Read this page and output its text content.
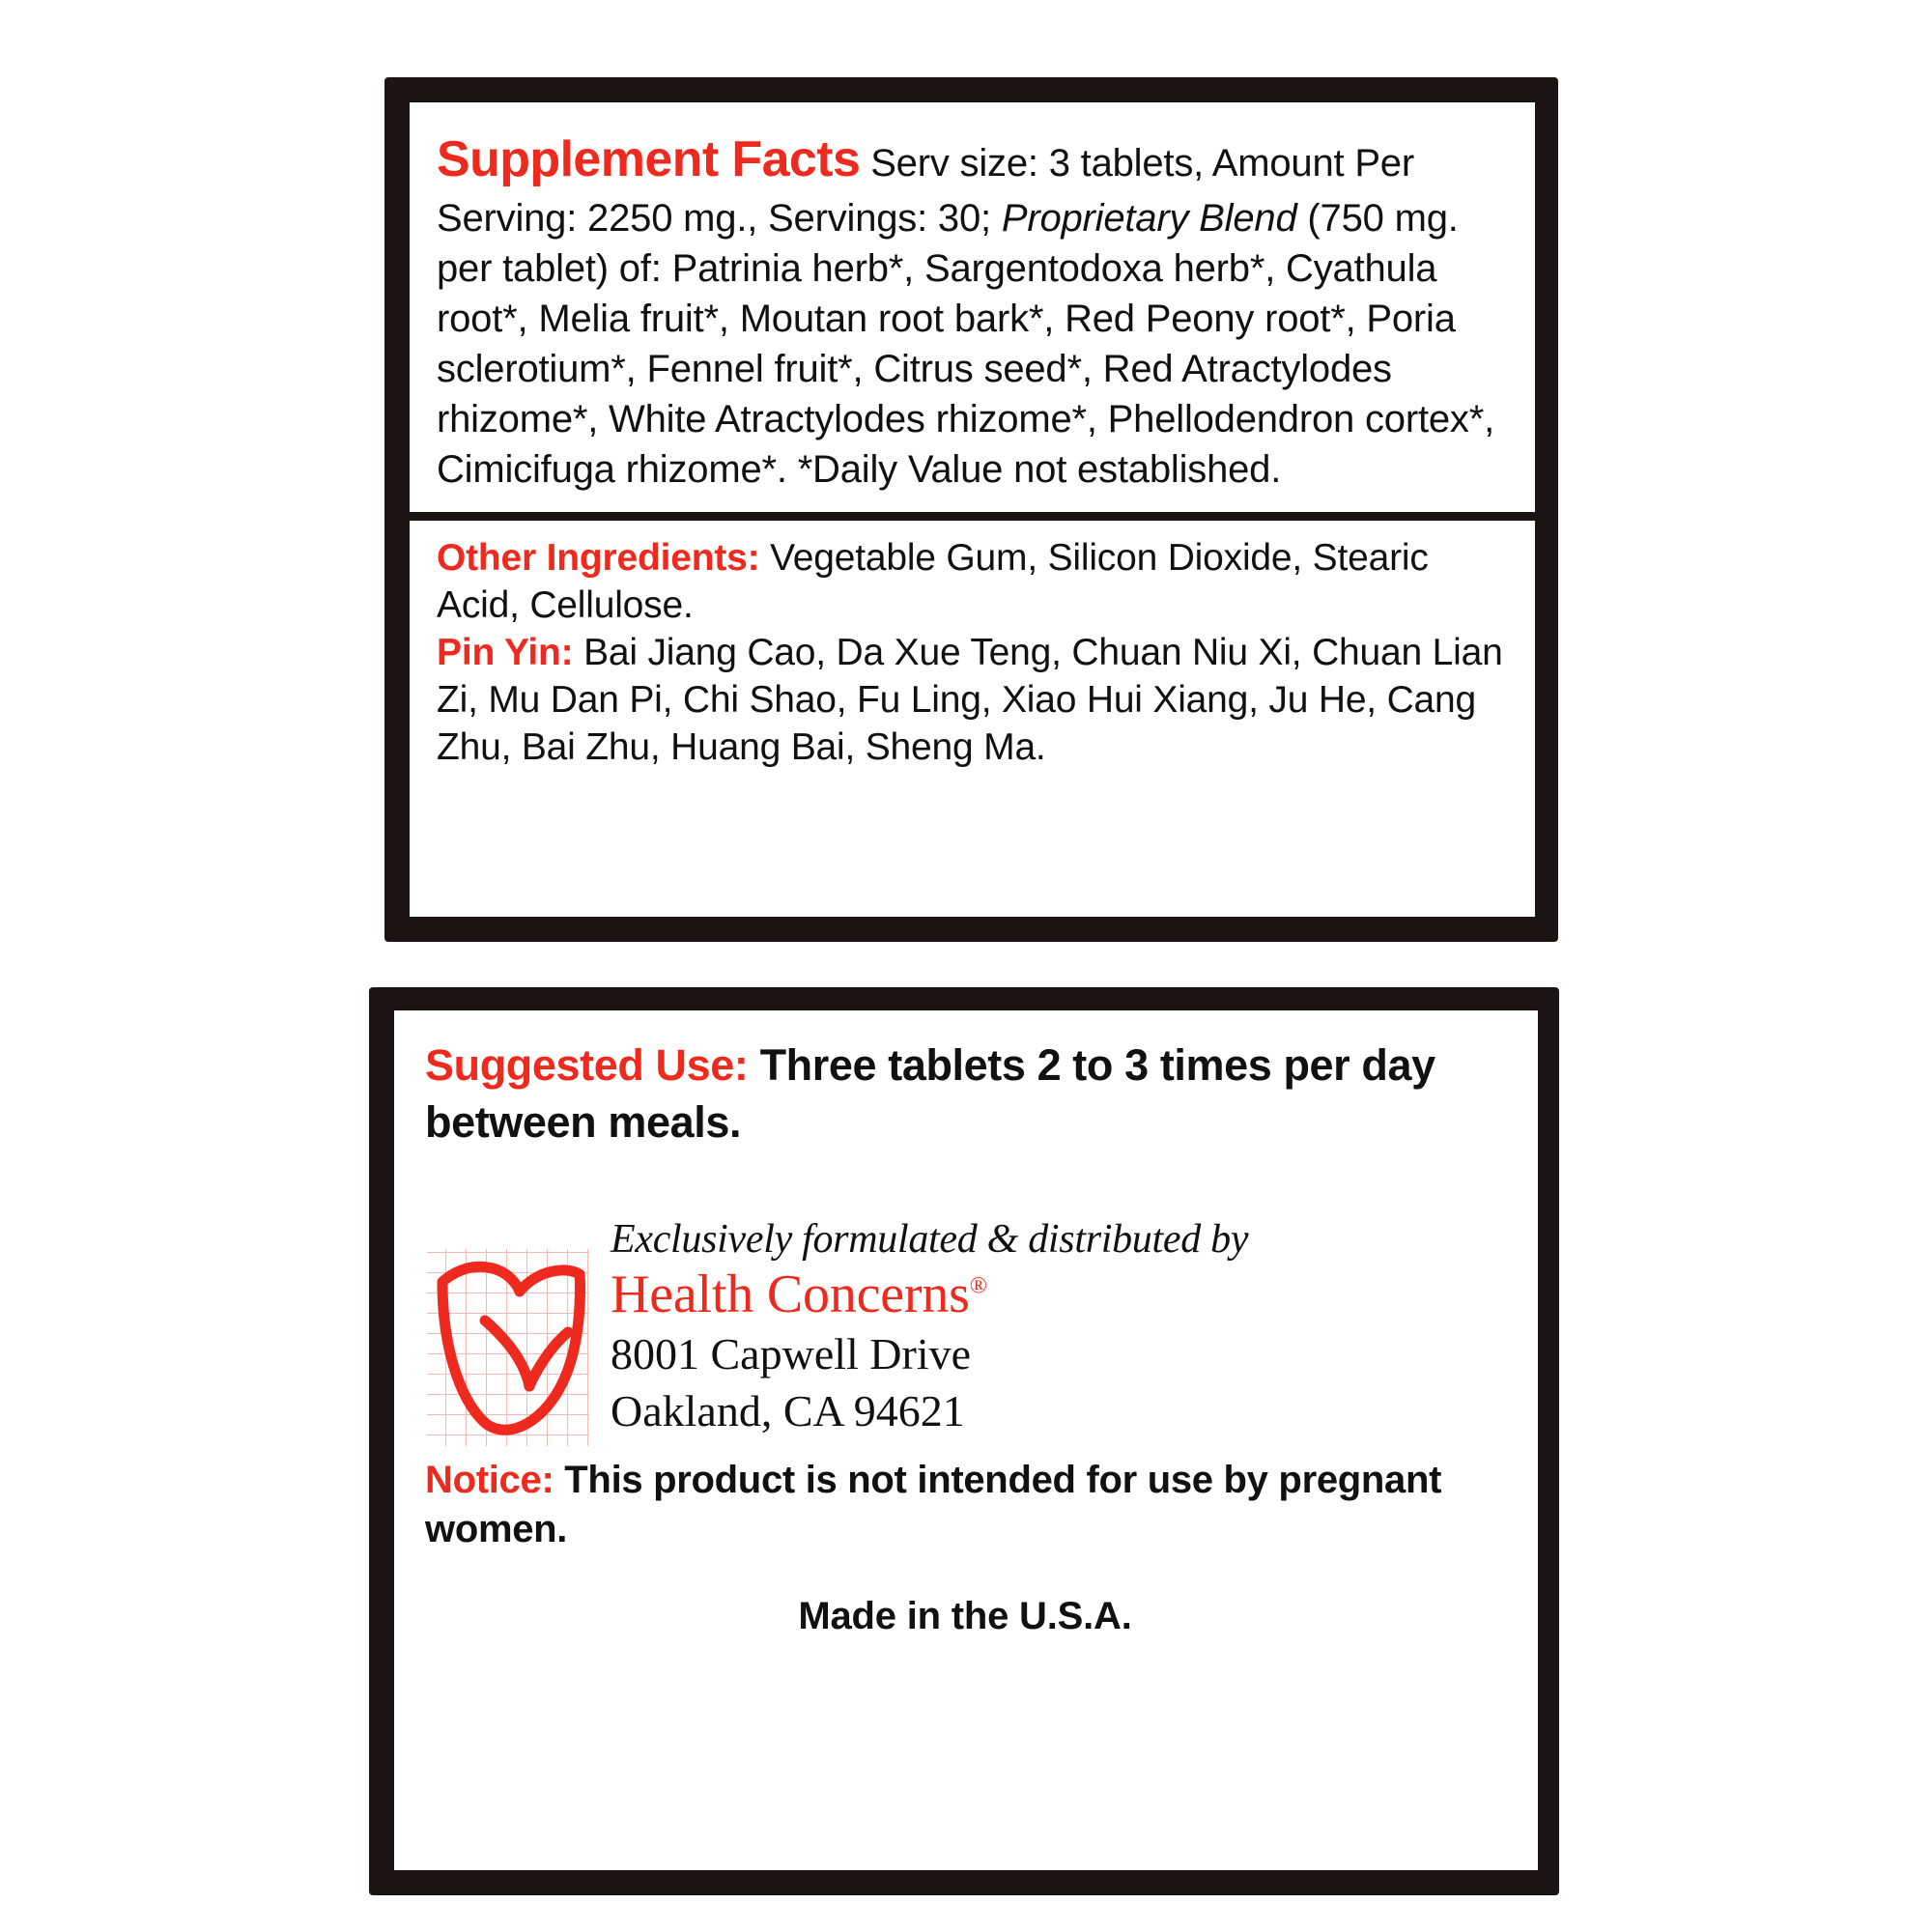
Supplement Facts Serv size: 3 tablets, Amount Per Serving: 2250 mg., Servings: 30; Proprietary Blend (750 mg. per tablet) of: Patrinia herb*, Sargentodoxa herb*, Cyathula root*, Melia fruit*, Moutan root bark*, Red Peony root*, Poria sclerotium*, Fennel fruit*, Citrus seed*, Red Atractylodes rhizome*, White Atractylodes rhizome*, Phellodendron cortex*, Cimicifuga rhizome*. *Daily Value not established.

Other Ingredients: Vegetable Gum, Silicon Dioxide, Stearic Acid, Cellulose.

Pin Yin: Bai Jiang Cao, Da Xue Teng, Chuan Niu Xi, Chuan Lian Zi, Mu Dan Pi, Chi Shao, Fu Ling, Xiao Hui Xiang, Ju He, Cang Zhu, Bai Zhu, Huang Bai, Sheng Ma.

Suggested Use: Three tablets 2 to 3 times per day between meals.

Exclusively formulated & distributed by
Health Concerns®
8001 Capwell Drive
Oakland, CA 94621

Notice: This product is not intended for use by pregnant women.

Made in the U.S.A.
